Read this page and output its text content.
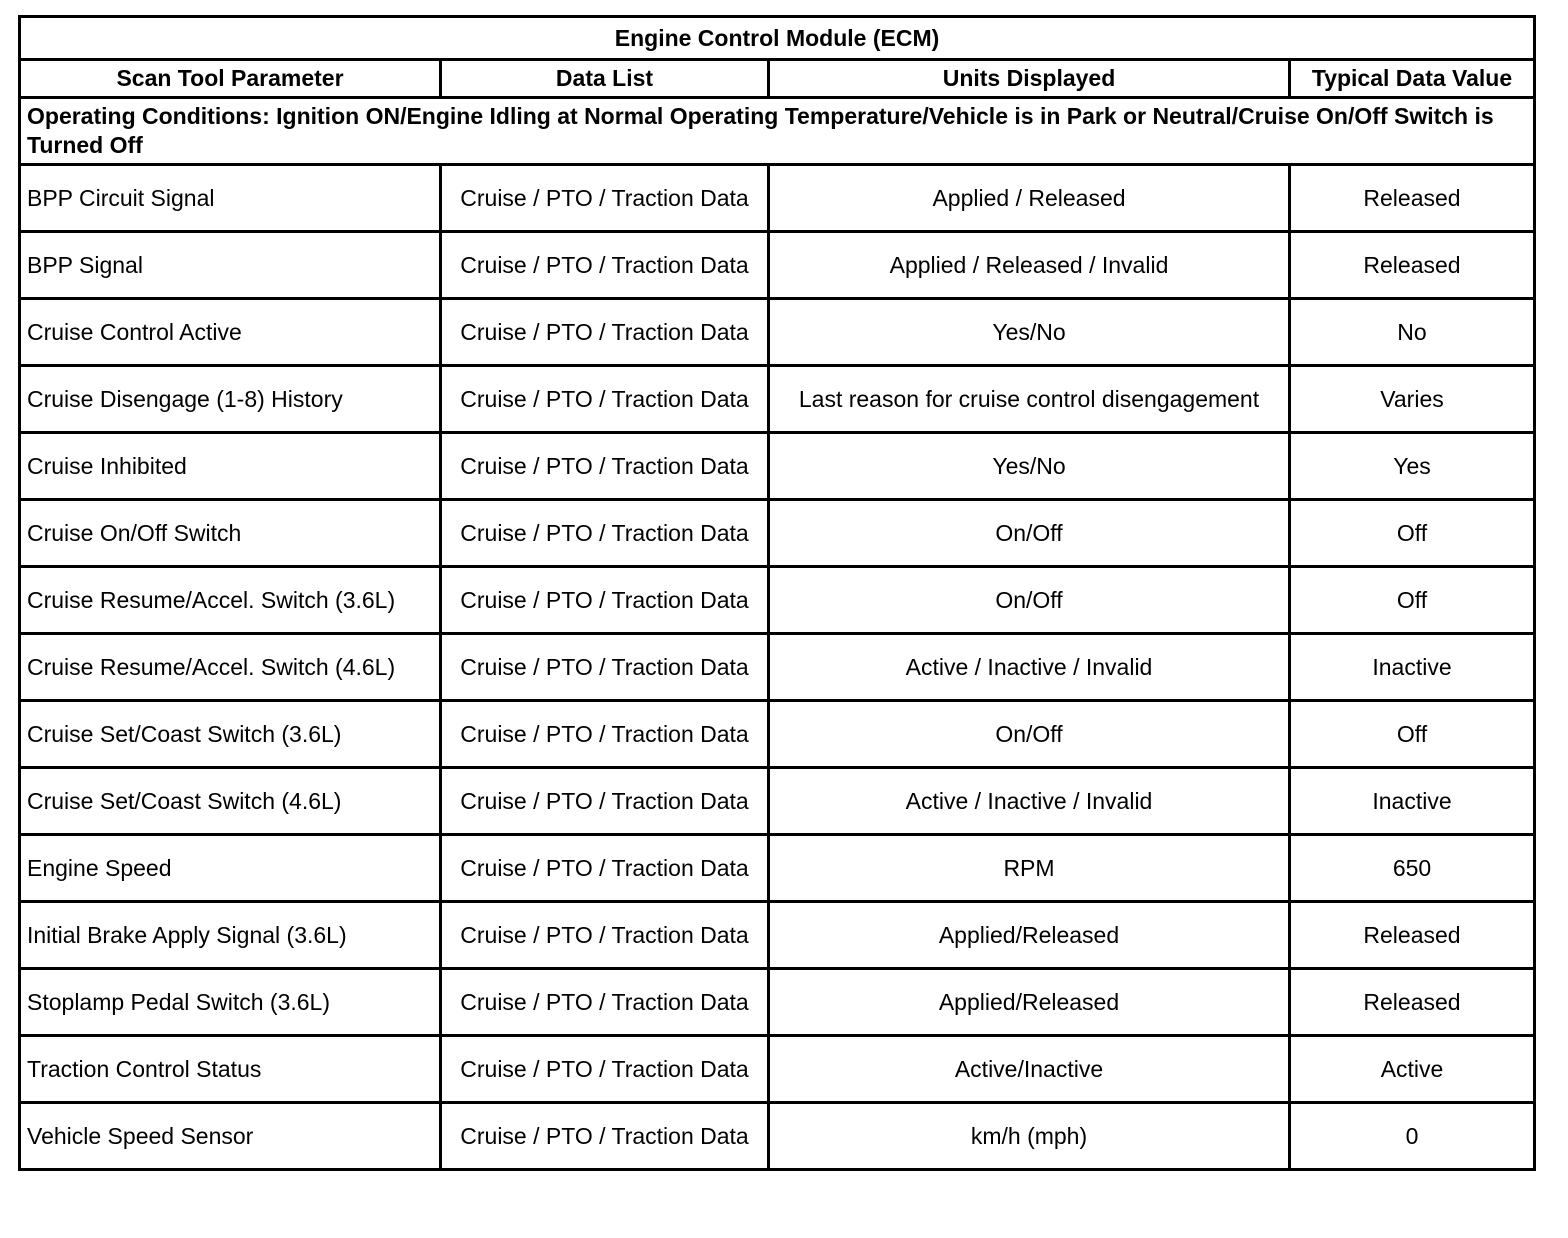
Engine Control Module (ECM)			
Scan Tool Parameter	Data List	Units Displayed	Typical Data Value
Operating Conditions: Ignition ON/Engine Idling at Normal Operating Temperature/Vehicle is in Park or Neutral/Cruise On/Off Switch is Turned Off			
BPP Circuit Signal	Cruise / PTO / Traction Data	Applied / Released	Released
BPP Signal	Cruise / PTO / Traction Data	Applied / Released / Invalid	Released
Cruise Control Active	Cruise / PTO / Traction Data	Yes/No	No
Cruise Disengage (1-8) History	Cruise / PTO / Traction Data	Last reason for cruise control disengagement	Varies
Cruise Inhibited	Cruise / PTO / Traction Data	Yes/No	Yes
Cruise On/Off Switch	Cruise / PTO / Traction Data	On/Off	Off
Cruise Resume/Accel. Switch (3.6L)	Cruise / PTO / Traction Data	On/Off	Off
Cruise Resume/Accel. Switch (4.6L)	Cruise / PTO / Traction Data	Active / Inactive / Invalid	Inactive
Cruise Set/Coast Switch (3.6L)	Cruise / PTO / Traction Data	On/Off	Off
Cruise Set/Coast Switch (4.6L)	Cruise / PTO / Traction Data	Active / Inactive / Invalid	Inactive
Engine Speed	Cruise / PTO / Traction Data	RPM	650
Initial Brake Apply Signal (3.6L)	Cruise / PTO / Traction Data	Applied/Released	Released
Stoplamp Pedal Switch (3.6L)	Cruise / PTO / Traction Data	Applied/Released	Released
Traction Control Status	Cruise / PTO / Traction Data	Active/Inactive	Active
Vehicle Speed Sensor	Cruise / PTO / Traction Data	km/h (mph)	0
